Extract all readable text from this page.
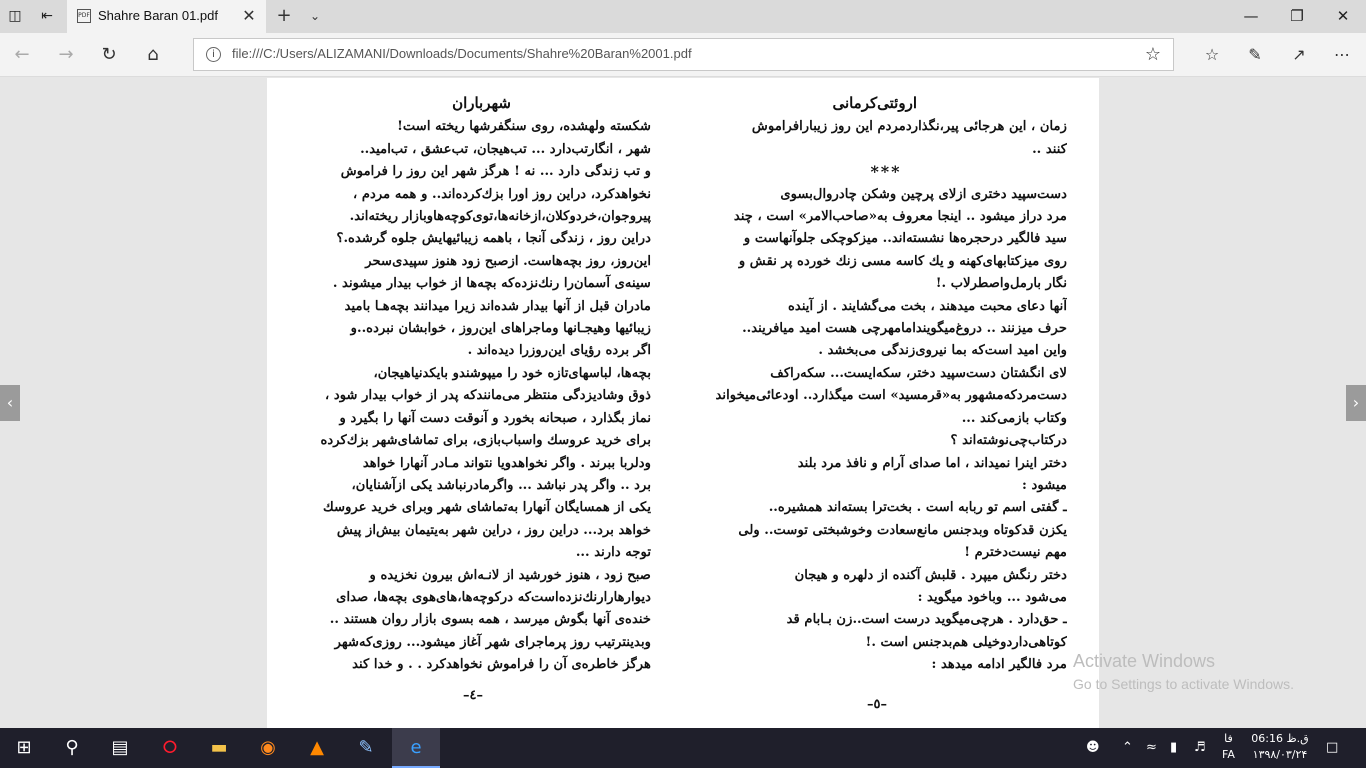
◫ ⇤	PDF Shahre Baran 01.pdf ✕ +	⌄	—	❐	✕
← → ↻	⌂	i	file:///C:/Users/ALIZAMANI/Downloads/Documents/Shahre%20Baran%2001.pdf	☆	☆	✎	↗	⋯
‹	›
شهرباران
شکسته ولهشده، روی سنگفرشها ریخته است!
شهر ، انگارتب‌دارد ... تب‌هیجان، تب‌عشق ، تب‌امید..
و تب زندگی دارد ... نه ! هرگز شهر این روز را فراموش
نخواهدکرد، دراین روز اورا بزك‌کرده‌اند.. و همه مردم ،
پیروجوان،خردوکلان،ازخانه‌ها،توی‌کوچه‌هاوبازار ریخته‌اند.
دراین روز ، زندگی آنجا ، باهمه زیبائیهایش جلوه گرشده.؟
این‌روز، روز بچه‌هاست. ازصبح زود هنوز سپیدی‌سحر
سینه‌ی آسمان‌را رنك‌نزده‌که بچه‌ها از خواب بیدار میشوند .
مادران قبل از آنها بیدار شده‌اند زیرا میدانند بچه‌هـا بامید
زیبائیها وهیجـانها وماجراهای این‌روز ، خوابشان نبرده..و
اگر برده رؤیای این‌روزرا دیده‌اند .
بچه‌ها، لباسهای‌تازه خود را میپوشندو بایکدنیاهیجان،
ذوق وشادیزدگی منتظر می‌مانندکه پدر از خواب بیدار شود ،
نماز بگذارد ، صبحانه بخورد و آنوقت دست آنها را بگیرد و
برای خرید عروسك واسباب‌بازی، برای تماشای‌شهر بزك‌کرده
ودلربا ببرند . واگر نخواهدویا نتواند مـادر آنهارا خواهد
برد .. واگر پدر نباشد ... واگرمادرنباشد یکی ازآشنایان،
یکی از همسایگان آنهارا به‌تماشای شهر وبرای خرید عروسك
خواهد برد... دراین روز ، دراین شهر به‌یتیمان بیش‌از پیش
توجه دارند ...
صبح زود ، هنوز خورشید از لانـه‌اش بیرون نخزیده و
دیوارهارارنك‌نزده‌است‌که درکوچه‌ها،های‌هوی بچه‌ها، صدای
خنده‌ی آنها بگوش میرسد ، همه بسوی بازار روان هستند ..
وبدینترتیب روز پرماجرای شهر آغاز میشود... روزی‌که‌شهر
هرگز خاطره‌ی آن را فراموش نخواهدکرد . . و خدا کند
اروئتی‌کرمانی
زمان ، این هرجائی پیر،نگذاردمردم این روز زیبارافراموش
کنند ..
***
دست‌سپید دختری ازلای پرچین وشکن چادروال‌بسوی
مرد دراز میشود .. اینجا معروف به‌«صاحب‌الامر» است ، چند
سید فالگیر درحجره‌ها نشسته‌اند.. میزکوچکی جلوآنهاست و
روی میزکتابهای‌کهنه و یك کاسه مسی زنك خورده پر نقش و
نگار بارمل‌واصطرلاب .!
آنها دعای محبت میدهند ، بخت می‌گشایند . از آینده
حرف میزنند .. دروغ‌میگویندامامهرچی هست امید میافریند..
واین امید است‌که بما نیروی‌زندگی می‌بخشد .
لای انگشتان دست‌سپید دختر، سکه‌ایست... سکه‌راکف
دست‌مردکه‌مشهور به‌«قرمسید» است میگذارد.. اودعائی‌میخواند
وکتاب بازمی‌کند ...
درکتاب‌چی‌نوشته‌اند ؟
دختر اینرا نمیداند ، اما صدای آرام و نافذ مرد بلند
میشود :
ـ گفتی اسم تو ربابه است . بخت‌ترا بسته‌اند همشیره..
یکزن قدکوتاه وبدجنس مانع‌سعادت وخوشبختی توست.. ولی
مهم نیست‌دخترم !
دختر رنگش میپرد . قلبش آکنده از دلهره و هیجان
می‌شود ... وباخود میگوید :
ـ حق‌دارد . هرچی‌میگوید درست است..زن بـابام قد
کوتاهی‌داردوخیلی هم‌بدجنس است .!
مرد فالگیر ادامه میدهد :
–٤–
–٥–
Activate Windows
Go to Settings to activate Windows.
⊞	⚲	▤	⭘	▬	◉	▲	✎	e	☻ ⌃ ≈ ▮ ♬
فا
FA
06:16 ق.ظ
۱۳۹۸/۰۳/۲۴	□
